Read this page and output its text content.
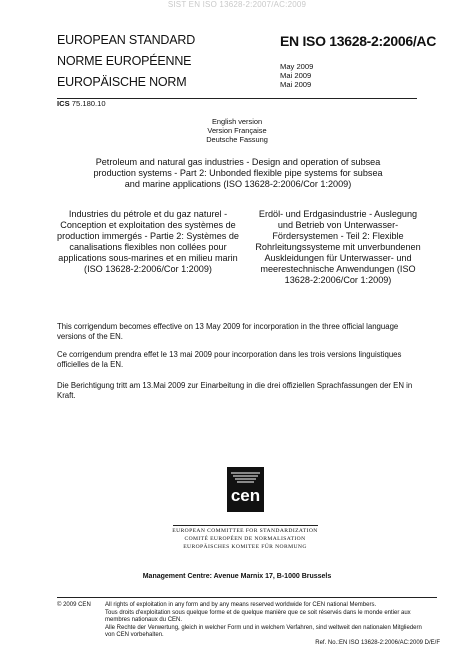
SIST EN ISO 13628-2:2007/AC:2009
EUROPEAN STANDARD
NORME EUROPÉENNE
EUROPÄISCHE NORM
EN ISO 13628-2:2006/AC
May 2009
Mai 2009
Mai 2009
ICS 75.180.10
English version
Version Française
Deutsche Fassung
Petroleum and natural gas industries - Design and operation of subsea production systems - Part 2: Unbonded flexible pipe systems for subsea and marine applications (ISO 13628-2:2006/Cor 1:2009)
Industries du pétrole et du gaz naturel - Conception et exploitation des systèmes de production immergés - Partie 2: Systèmes de canalisations flexibles non collées pour applications sous-marines et en milieu marin (ISO 13628-2:2006/Cor 1:2009)
Erdöl- und Erdgasindustrie - Auslegung und Betrieb von Unterwasser-Fördersystemen - Teil 2: Flexible Rohrleitungssysteme mit unverbundenen Auskleidungen für Unterwasser- und meerestechnische Anwendungen (ISO 13628-2:2006/Cor 1:2009)
This corrigendum becomes effective on 13 May 2009 for incorporation in the three official language versions of the EN.
Ce corrigendum prendra effet le 13 mai 2009 pour incorporation dans les trois versions linguistiques officielles de la EN.
Die Berichtigung tritt am 13.Mai 2009 zur Einarbeitung in die drei offiziellen Sprachfassungen der EN in Kraft.
cen
EUROPEAN COMMITTEE FOR STANDARDIZATION
COMITÉ EUROPÉEN DE NORMALISATION
EUROPÄISCHES KOMITEE FÜR NORMUNG
Management Centre: Avenue Marnix 17, B-1000 Brussels
© 2009 CEN All rights of exploitation in any form and by any means reserved worldwide for CEN national Members.
Tous droits d'exploitation sous quelque forme et de quelque manière que ce soit réservés dans le monde entier aux membres nationaux du CEN.
Alle Rechte der Verwertung, gleich in welcher Form und in welchem Verfahren, sind weltweit den nationalen Mitgliedern von CEN vorbehalten.
Ref. No.:EN ISO 13628-2:2006/AC:2009 D/E/F
